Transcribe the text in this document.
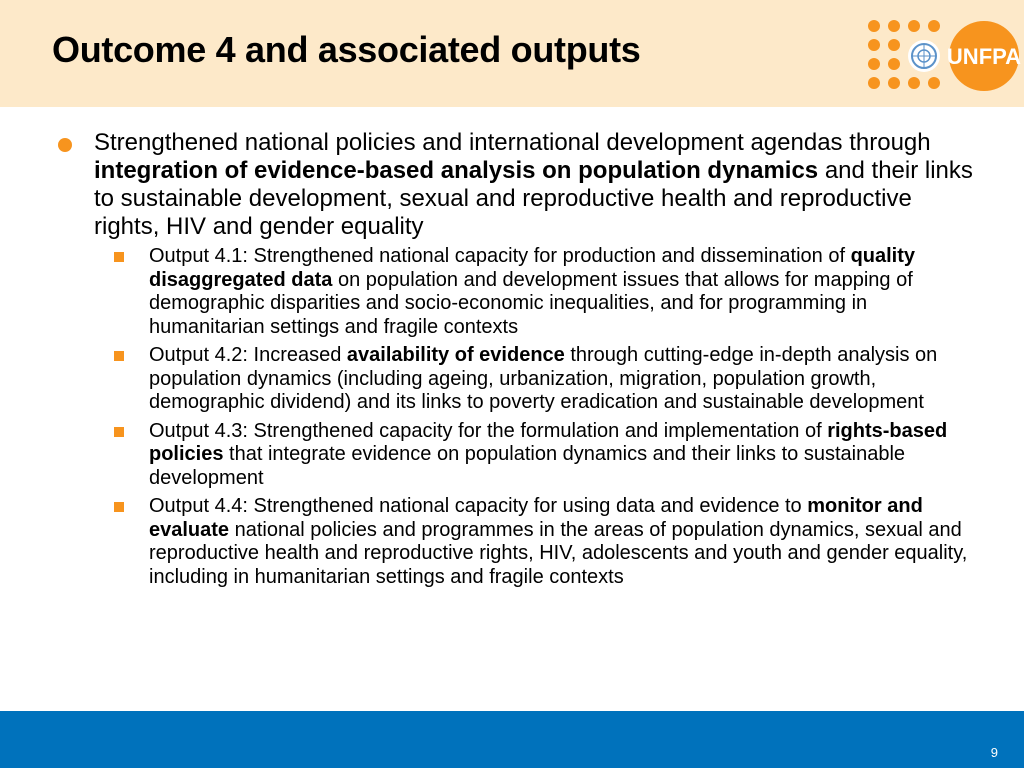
Outcome 4 and associated outputs	UNFPA
Strengthened national policies and international development agendas through integration of evidence-based analysis on population dynamics and their links to sustainable development, sexual and reproductive health and reproductive rights, HIV and gender equality
Output 4.1: Strengthened national capacity for production and dissemination of quality disaggregated data on population and development issues that allows for mapping of demographic disparities and socio-economic inequalities, and for programming in humanitarian settings and fragile contexts
Output 4.2: Increased availability of evidence through cutting-edge in-depth analysis on population dynamics (including ageing, urbanization, migration, population growth, demographic dividend) and its links to poverty eradication and sustainable development
Output 4.3: Strengthened capacity for the formulation and implementation of rights-based policies that integrate evidence on population dynamics and their links to sustainable development
Output 4.4: Strengthened national capacity for using data and evidence to monitor and evaluate national policies and programmes in the areas of population dynamics, sexual and reproductive health and reproductive rights, HIV, adolescents and youth and gender equality, including in humanitarian settings and fragile contexts
9
